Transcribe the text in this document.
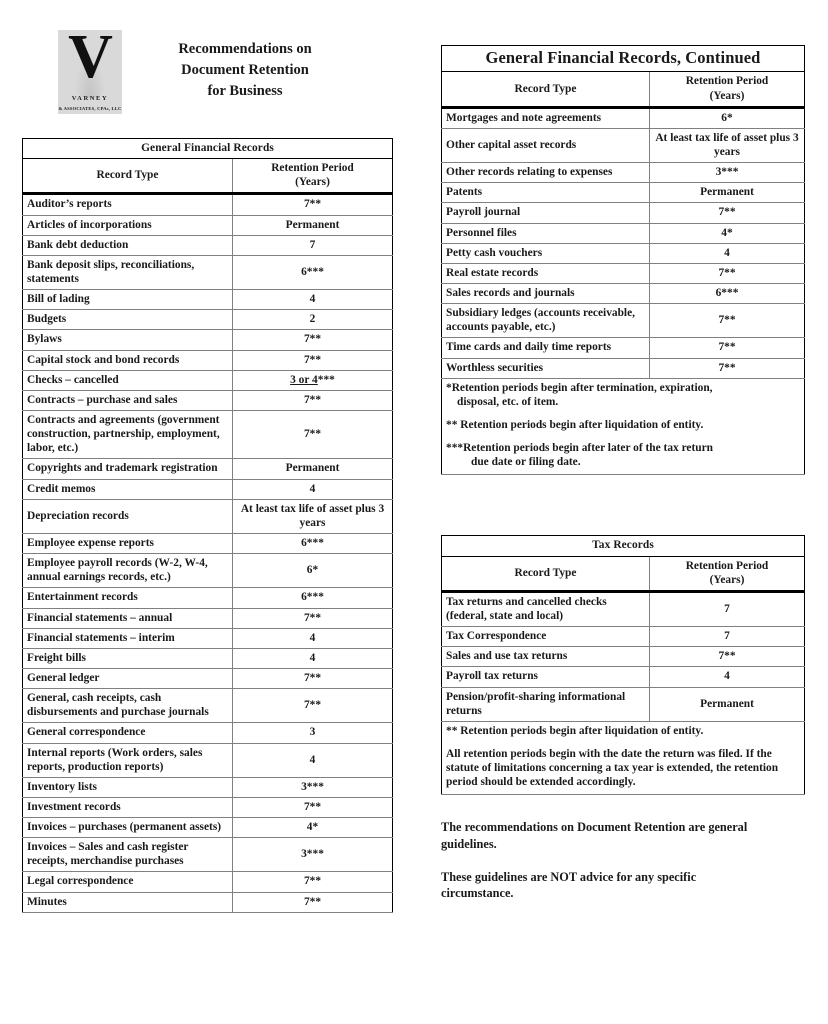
V
VARNEY
& ASSOCIATES, CPAs, LLC
Recommendations on
Document Retention
for Business
General Financial Records	
Record Type	Retention Period
(Years)

Auditor’s reports	7**
Articles of incorporations	Permanent
Bank debt deduction	7
Bank deposit slips, reconciliations, statements	6***
Bill of lading	4
Budgets	2
Bylaws	7**
Capital stock and bond records	7**
Checks – cancelled	3 or 4***
Contracts – purchase and sales	7**
Contracts and agreements (government construction, partnership, employment, labor, etc.)	7**
Copyrights and trademark registration	Permanent
Credit memos	4
Depreciation records	At least tax life of asset plus 3 years
Employee expense reports	6***
Employee payroll records (W-2, W-4, annual earnings records, etc.)	6*
Entertainment records	6***
Financial statements – annual	7**
Financial statements – interim	4
Freight bills	4
General ledger	7**
General, cash receipts, cash disbursements and purchase journals	7**
General correspondence	3
Internal reports (Work orders, sales reports, production reports)	4
Inventory lists	3***
Investment records	7**
Invoices – purchases (permanent assets)	4*
Invoices – Sales and cash register receipts, merchandise purchases	3***
Legal correspondence	7**
Minutes	7**
General Financial Records, Continued	
Record Type	Retention Period
(Years)

Mortgages and note agreements	6*
Other capital asset records	At least tax life of asset plus 3 years
Other records relating to expenses	3***
Patents	Permanent
Payroll journal	7**
Personnel files	4*
Petty cash vouchers	4
Real estate records	7**
Sales records and journals	6***
Subsidiary ledges (accounts receivable, accounts payable, etc.)	7**
Time cards and daily time reports	7**
Worthless securities	7**

*Retention periods begin after termination, expiration,
disposal, etc. of item.

** Retention periods begin after liquidation of entity.

***Retention periods begin after later of the tax return
due date or filing date.	

Tax Records	
Record Type	Retention Period
(Years)

Tax returns and cancelled checks
(federal, state and local)	7
Tax Correspondence	7
Sales and use tax returns	7**
Payroll tax returns	4
Pension/profit-sharing informational returns	Permanent

** Retention periods begin after liquidation of entity.

All retention periods begin with the date the return was filed. If the statute of limitations concerning a tax year is extended, the retention period should be extended accordingly.	

The recommendations on Document Retention are general guidelines.

These guidelines are NOT advice for any specific circumstance.
